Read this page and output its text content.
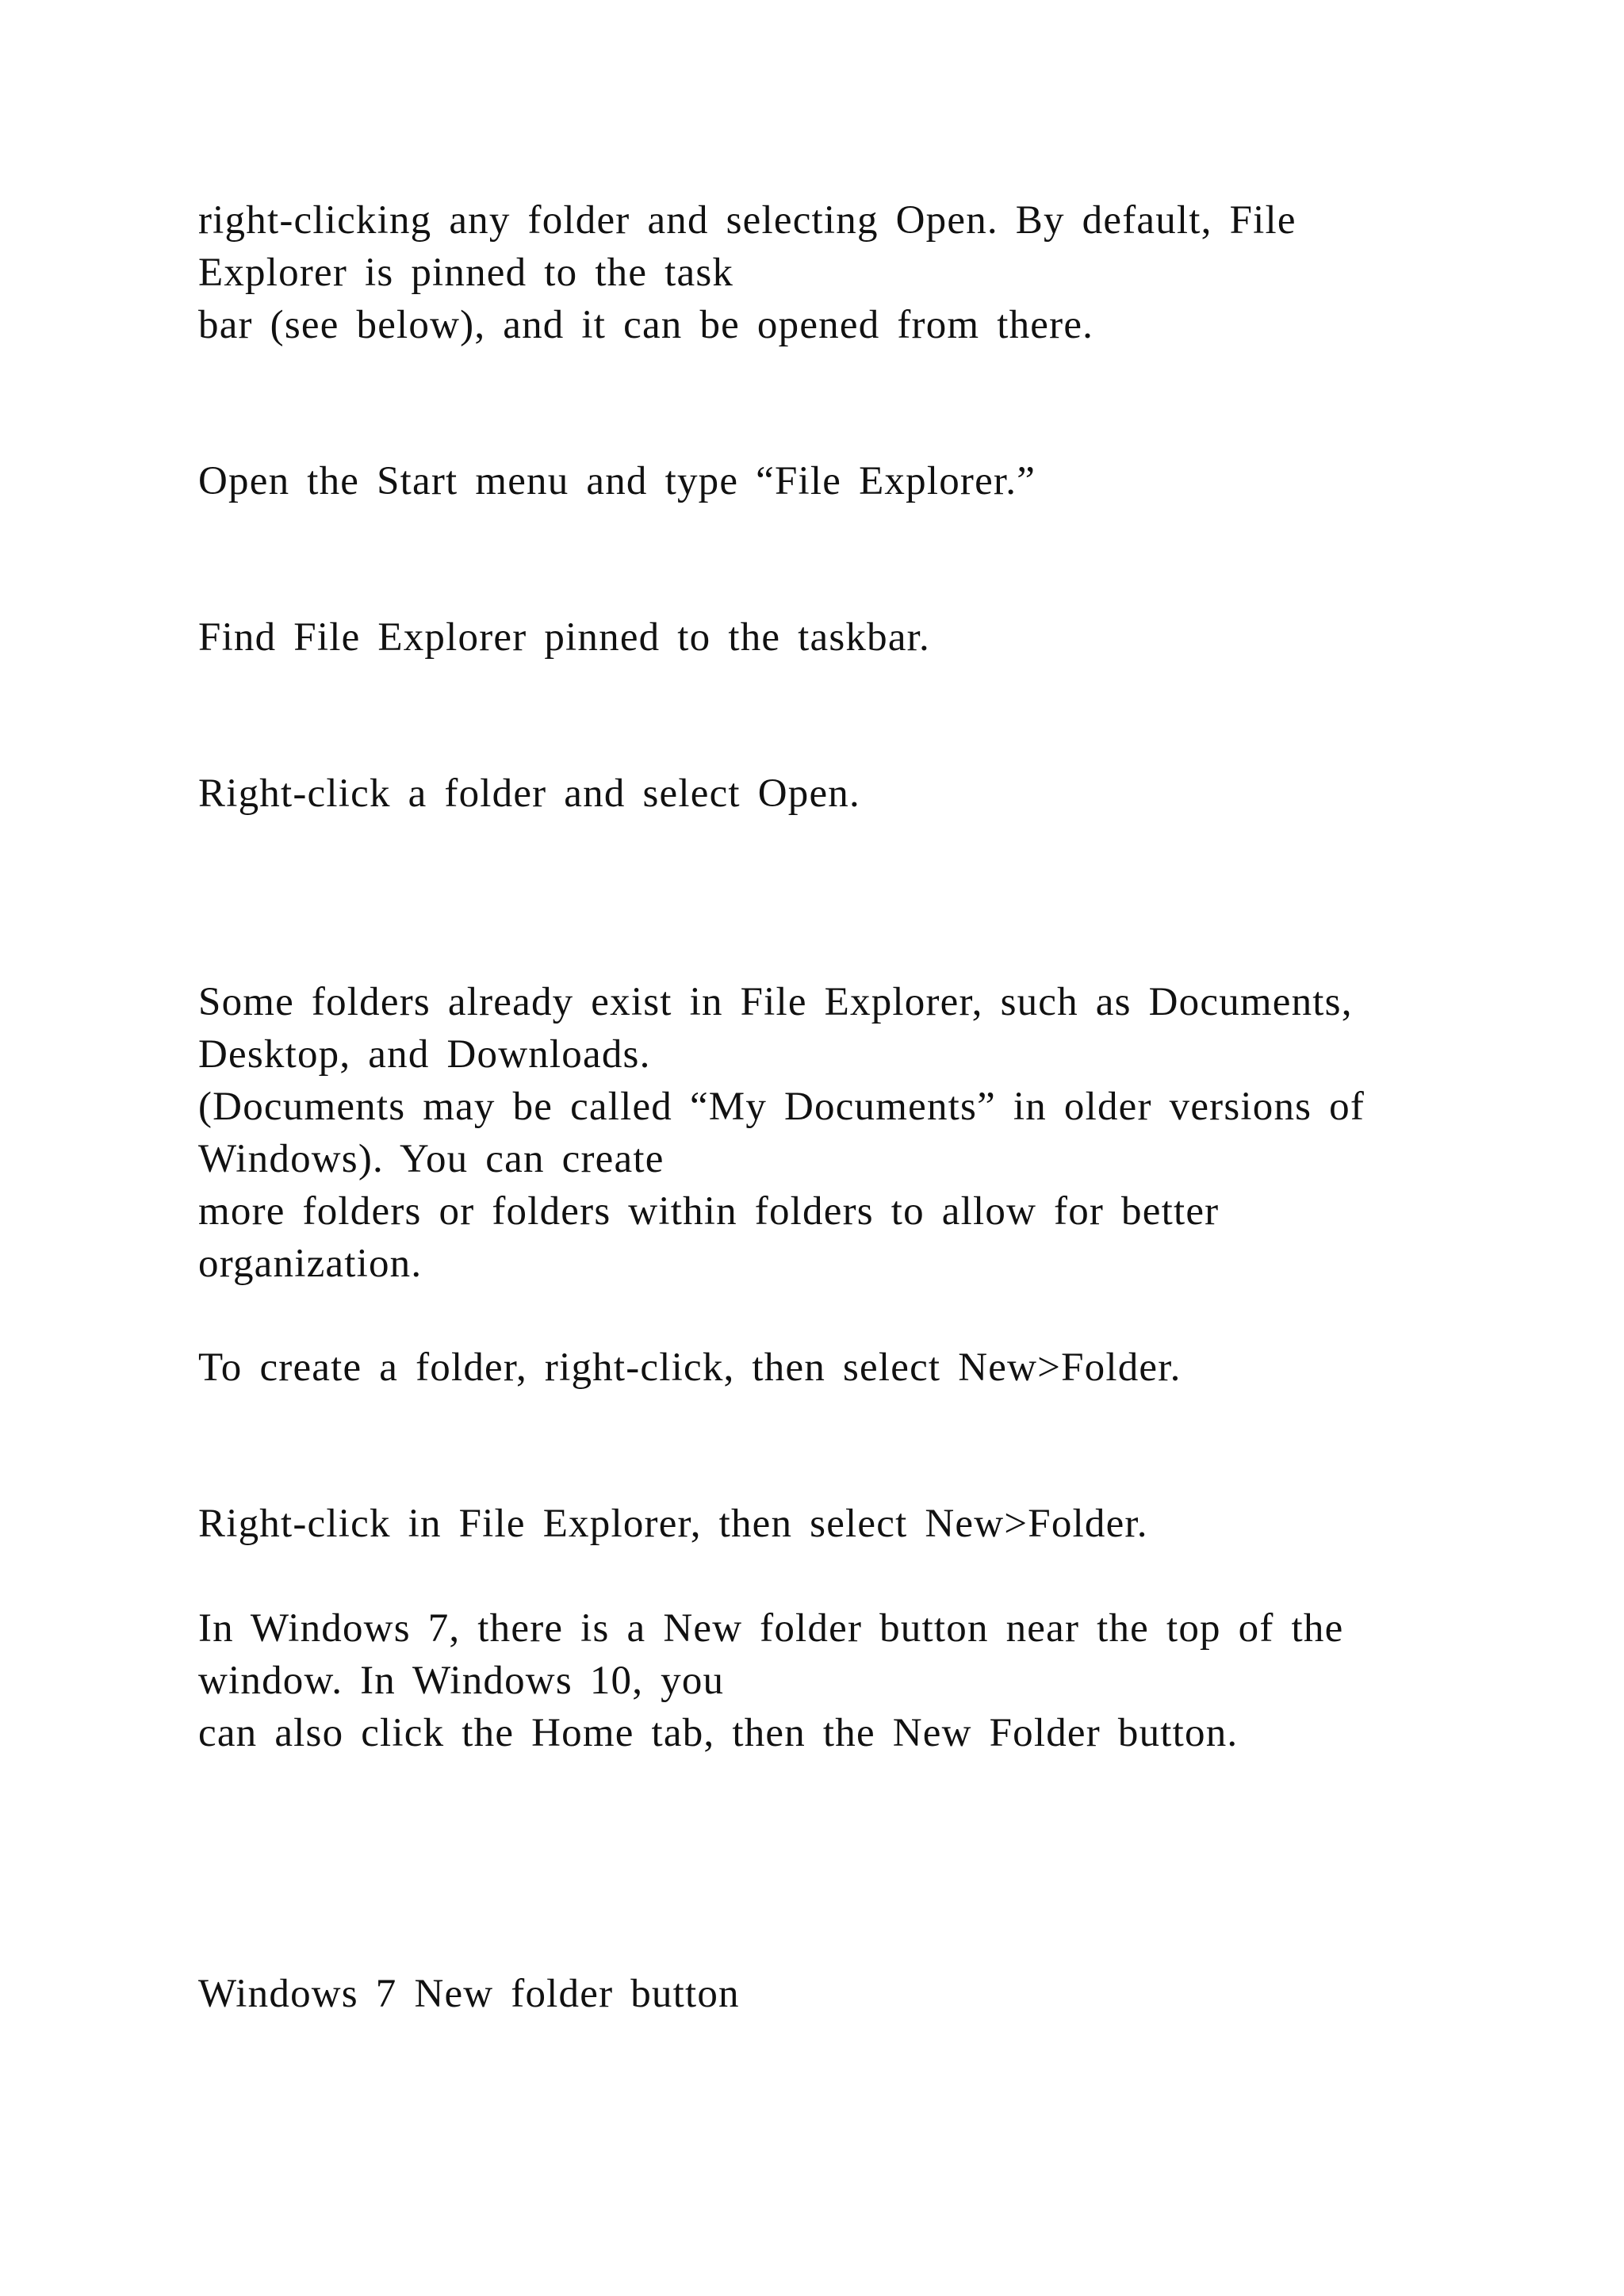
right-clicking any folder and selecting Open. By default, File

Explorer is pinned to the task

bar (see below), and it can be opened from there.

Open the Start menu and type “File Explorer.”

Find File Explorer pinned to the taskbar.

Right-click a folder and select Open.

Some folders already exist in File Explorer, such as Documents,

Desktop, and Downloads.

(Documents may be called “My Documents” in older versions of

Windows). You can create

more folders or folders within folders to allow for better

organization.

To create a folder, right-click, then select New>Folder.

Right-click in File Explorer, then select New>Folder.

In Windows 7, there is a New folder button near the top of the

window. In Windows 10, you

can also click the Home tab, then the New Folder button.

Windows 7 New folder button
